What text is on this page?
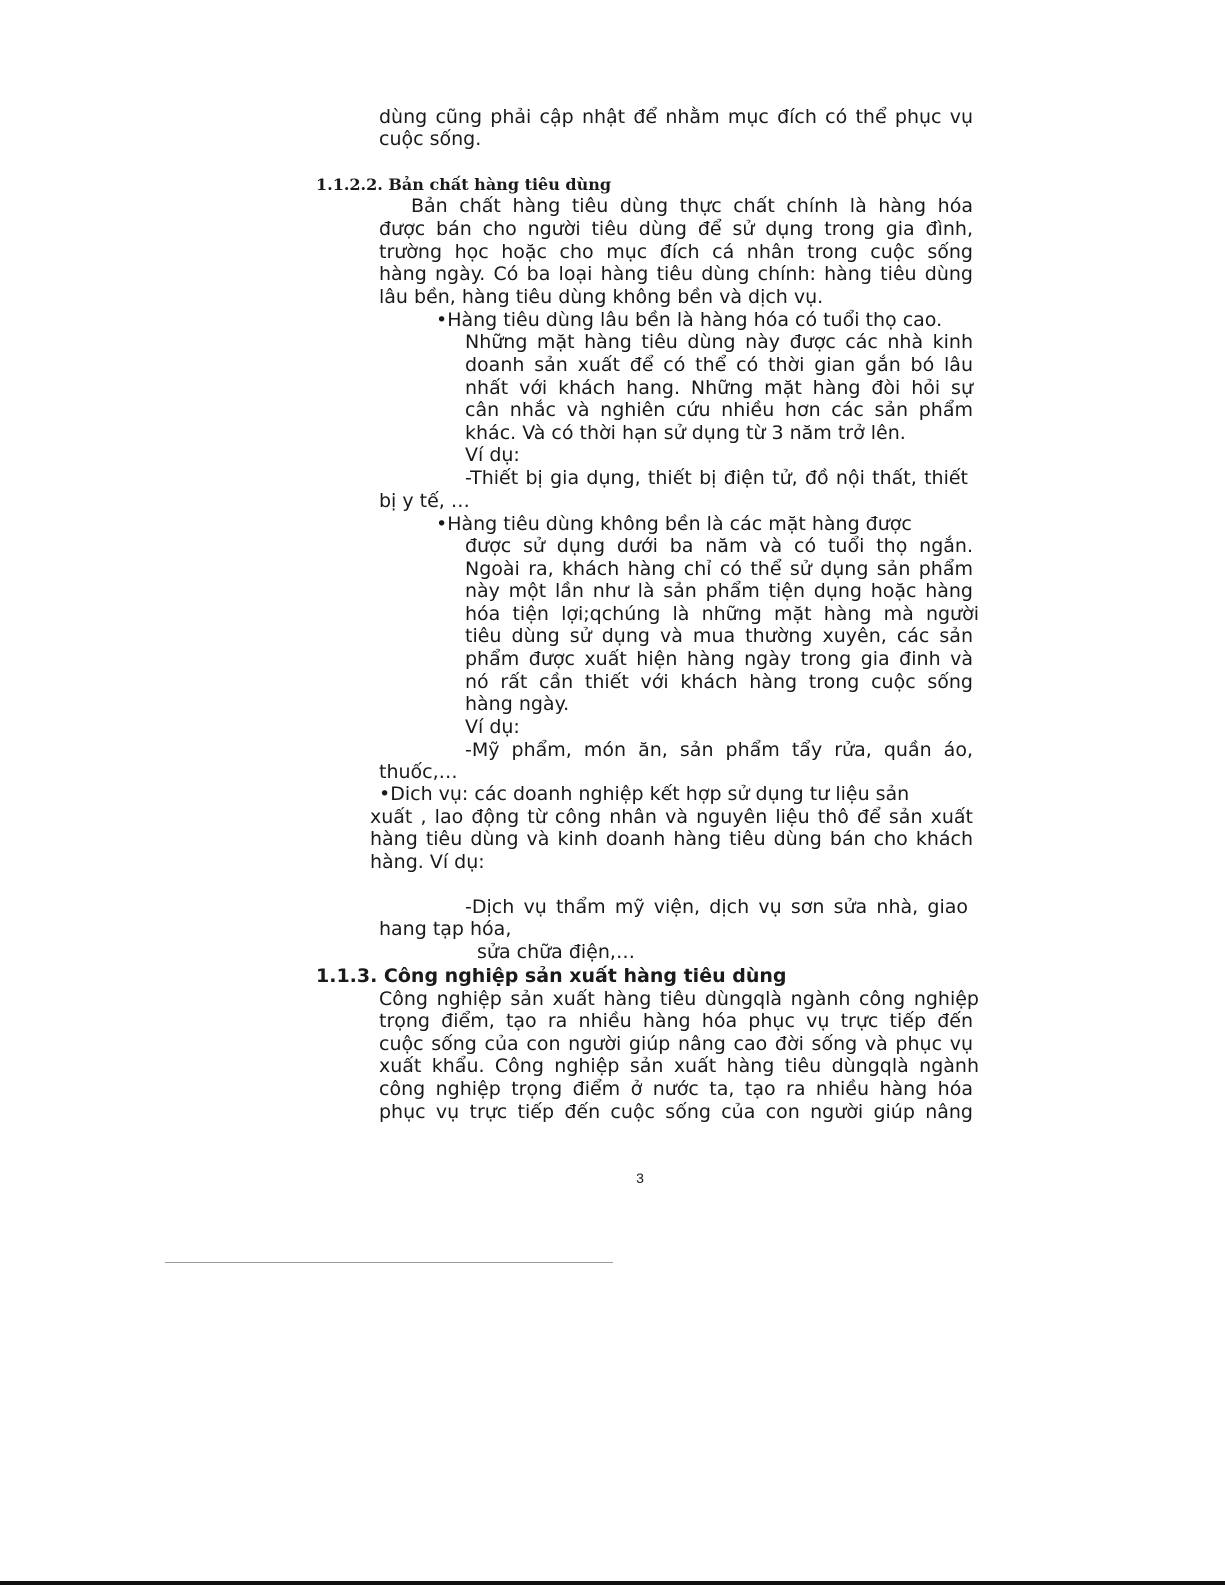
dùng cũng phải cập nhật để nhằm mục đích có thể phục vụ

cuộc sống.

1.1.2.2. Bản chất hàng tiêu dùng

Bản chất hàng tiêu dùng thực chất chính là hàng hóa

được bán cho người tiêu dùng để sử dụng trong gia đình,

trường học hoặc cho mục đích cá nhân trong cuộc sống

hàng ngày. Có ba loại hàng tiêu dùng chính: hàng tiêu dùng

lâu bền, hàng tiêu dùng không bền và dịch vụ.

•Hàng tiêu dùng lâu bền là hàng hóa có tuổi thọ cao.

Những mặt hàng tiêu dùng này được các nhà kinh

doanh sản xuất để có thể có thời gian gắn bó lâu

nhất với khách hang. Những mặt hàng đòi hỏi sự

cân nhắc và nghiên cứu nhiều hơn các sản phẩm

khác. Và có thời hạn sử dụng từ 3 năm trở lên.

Ví dụ:

-Thiết bị gia dụng, thiết bị điện tử, đồ nội thất, thiết

bị y tế, …

•Hàng tiêu dùng không bền là các mặt hàng được

được sử dụng dưới ba năm và có tuổi thọ ngắn.

Ngoài ra, khách hàng chỉ có thể sử dụng sản phẩm

này một lần như là sản phẩm tiện dụng hoặc hàng

hóa tiện lợi;qchúng là những mặt hàng mà người

tiêu dùng sử dụng và mua thường xuyên, các sản

phẩm được xuất hiện hàng ngày trong gia đinh và

nó rất cần thiết với khách hàng trong cuộc sống

hàng ngày.

Ví dụ:

-Mỹ phẩm, món ăn, sản phẩm tẩy rửa, quần áo,

thuốc,…

•Dich vụ: các doanh nghiệp kết hợp sử dụng tư liệu sản

xuất , lao động từ công nhân và nguyên liệu thô để sản xuất

hàng tiêu dùng và kinh doanh hàng tiêu dùng bán cho khách

hàng. Ví dụ:

-Dịch vụ thẩm mỹ viện, dịch vụ sơn sửa nhà, giao

hang tạp hóa,

sửa chữa điện,…

1.1.3. Công nghiệp sản xuất hàng tiêu dùng

Công nghiệp sản xuất hàng tiêu dùngqlà ngành công nghiệp

trọng điểm, tạo ra nhiều hàng hóa phục vụ trực tiếp đến

cuộc sống của con người giúp nâng cao đời sống và phục vụ

xuất khẩu. Công nghiệp sản xuất hàng tiêu dùngqlà ngành

công nghiệp trọng điểm ở nước ta, tạo ra nhiều hàng hóa

phục vụ trực tiếp đến cuộc sống của con người giúp nâng

3
